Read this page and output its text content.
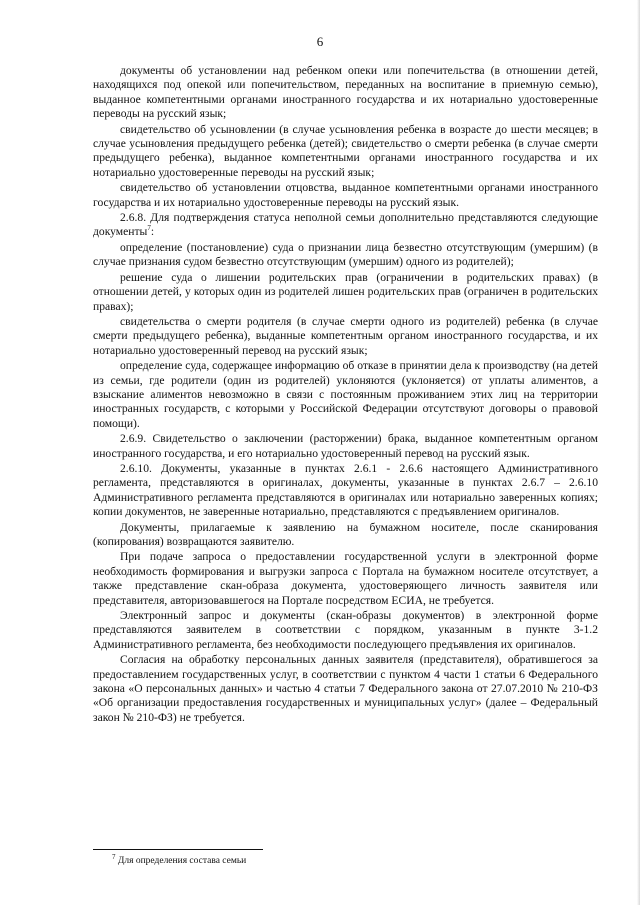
6

документы об установлении над ребенком опеки или попечительства (в отношении детей, находящихся под опекой или попечительством, переданных на воспитание в приемную семью), выданное компетентными органами иностранного государства и их нотариально удостоверенные переводы на русский язык;

свидетельство об усыновлении (в случае усыновления ребенка в возрасте до шести месяцев; в случае усыновления предыдущего ребенка (детей); свидетельство о смерти ребенка (в случае смерти предыдущего ребенка), выданное компетентными органами иностранного государства и их нотариально удостоверенные переводы на русский язык;

свидетельство об установлении отцовства, выданное компетентными органами иностранного государства и их нотариально удостоверенные переводы на русский язык.

2.6.8. Для подтверждения статуса неполной семьи дополнительно представляются следующие документы$^7$:

определение (постановление) суда о признании лица безвестно отсутствующим (умершим) (в случае признания судом безвестно отсутствующим (умершим) одного из родителей);

решение суда о лишении родительских прав (ограничении в родительских правах) (в отношении детей, у которых один из родителей лишен родительских прав (ограничен в родительских правах);

свидетельства о смерти родителя (в случае смерти одного из родителей) ребенка (в случае смерти предыдущего ребенка), выданные компетентным органом иностранного государства, и их нотариально удостоверенный перевод на русский язык;

определение суда, содержащее информацию об отказе в принятии дела к производству (на детей из семьи, где родители (один из родителей) уклоняются (уклоняется) от уплаты алиментов, а взыскание алиментов невозможно в связи с постоянным проживанием этих лиц на территории иностранных государств, с которыми у Российской Федерации отсутствуют договоры о правовой помощи).

2.6.9. Свидетельство о заключении (расторжении) брака, выданное компетентным органом иностранного государства, и его нотариально удостоверенный перевод на русский язык.

2.6.10. Документы, указанные в пунктах 2.6.1 - 2.6.6 настоящего Административного регламента, представляются в оригиналах, документы, указанные в пунктах 2.6.7 – 2.6.10 Административного регламента представляются в оригиналах или нотариально заверенных копиях; копии документов, не заверенные нотариально, представляются с предъявлением оригиналов.

Документы, прилагаемые к заявлению на бумажном носителе, после сканирования (копирования) возвращаются заявителю.

При подаче запроса о предоставлении государственной услуги в электронной форме необходимость формирования и выгрузки запроса с Портала на бумажном носителе отсутствует, а также представление скан-образа документа, удостоверяющего личность заявителя или представителя, авторизовавшегося на Портале посредством ЕСИА, не требуется.

Электронный запрос и документы (скан-образы документов) в электронной форме представляются заявителем в соответствии с порядком, указанным в пункте 3-1.2 Административного регламента, без необходимости последующего предъявления их оригиналов.

Согласия на обработку персональных данных заявителя (представителя), обратившегося за предоставлением государственных услуг, в соответствии с пунктом 4 части 1 статьи 6 Федерального закона «О персональных данных» и частью 4 статьи 7 Федерального закона от 27.07.2010 № 210-ФЗ «Об организации предоставления государственных и муниципальных услуг» (далее – Федеральный закон № 210-ФЗ) не требуется.

$^7$ Для определения состава семьи
